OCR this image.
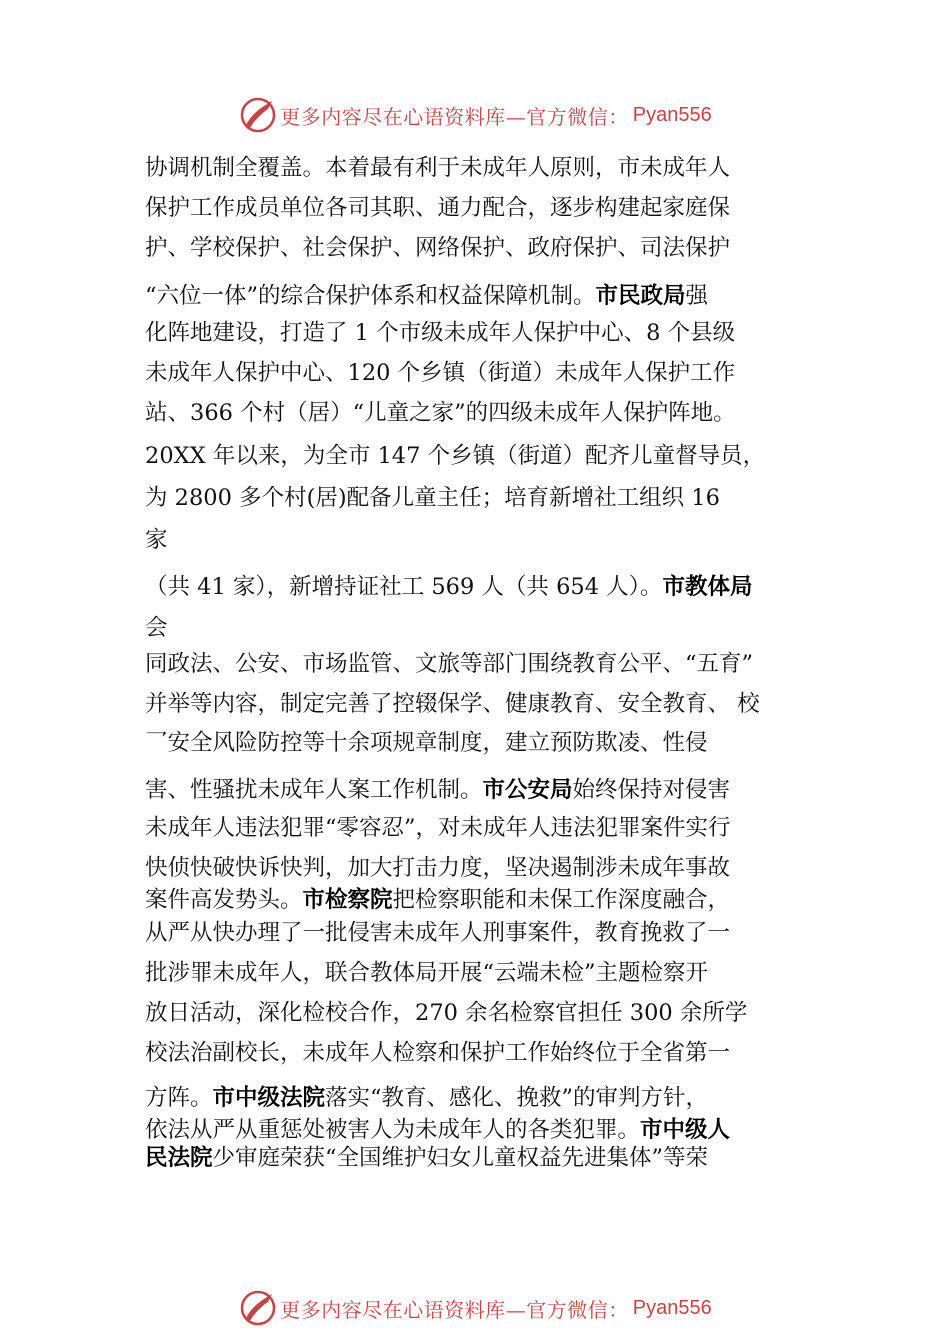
更多内容尽在心语资料库—官方微信： Pyan556
协调机制全覆盖。本着最有利于未成年人原则，市未成年人
保护工作成员单位各司其职、通力配合，逐步构建起家庭保
护、学校保护、社会保护、网络保护、政府保护、司法保护
“六位一体”的综合保护体系和权益保障机制。市民政局强
化阵地建设，打造了 1 个市级未成年人保护中心、8 个县级
未成年人保护中心、120 个乡镇（街道）未成年人保护工作
站、366 个村（居）“儿童之家”的四级未成年人保护阵地。
20XX 年以来，为全市 147 个乡镇（街道）配齐儿童督导员，
为 2800 多个村(居)配备儿童主任；培育新增社工组织 16
家
（共 41 家），新增持证社工 569 人（共 654 人）。市教体局
会
同政法、公安、市场监管、文旅等部门围绕教育公平、“五育”
并举等内容，制定完善了控辍保学、健康教育、安全教育、 校
⺂安全风险防控等十余项规章制度，建立预防欺凌、性侵
害、性骚扰未成年人案工作机制。市公安局始终保持对侵害
未成年人违法犯罪“零容忍”，对未成年人违法犯罪案件实行
快侦快破快诉快判，加大打击力度，坚决遏制涉未成年事故
案件高发势头。市检察院把检察职能和未保工作深度融合，
从严从快办理了一批侵害未成年人刑事案件，教育挽救了一
批涉罪未成年人，联合教体局开展“云端未检”主题检察开
放日活动，深化检校合作，270 余名检察官担任 300 余所学
校法治副校长，未成年人检察和保护工作始终位于全省第一
方阵。市中级法院落实“教育、感化、挽救”的审判方针，
依法从严从重惩处被害人为未成年人的各类犯罪。市中级人
民法院少审庭荣获“全国维护妇女儿童权益先进集体”等荣
更多内容尽在心语资料库—官方微信： Pyan556
